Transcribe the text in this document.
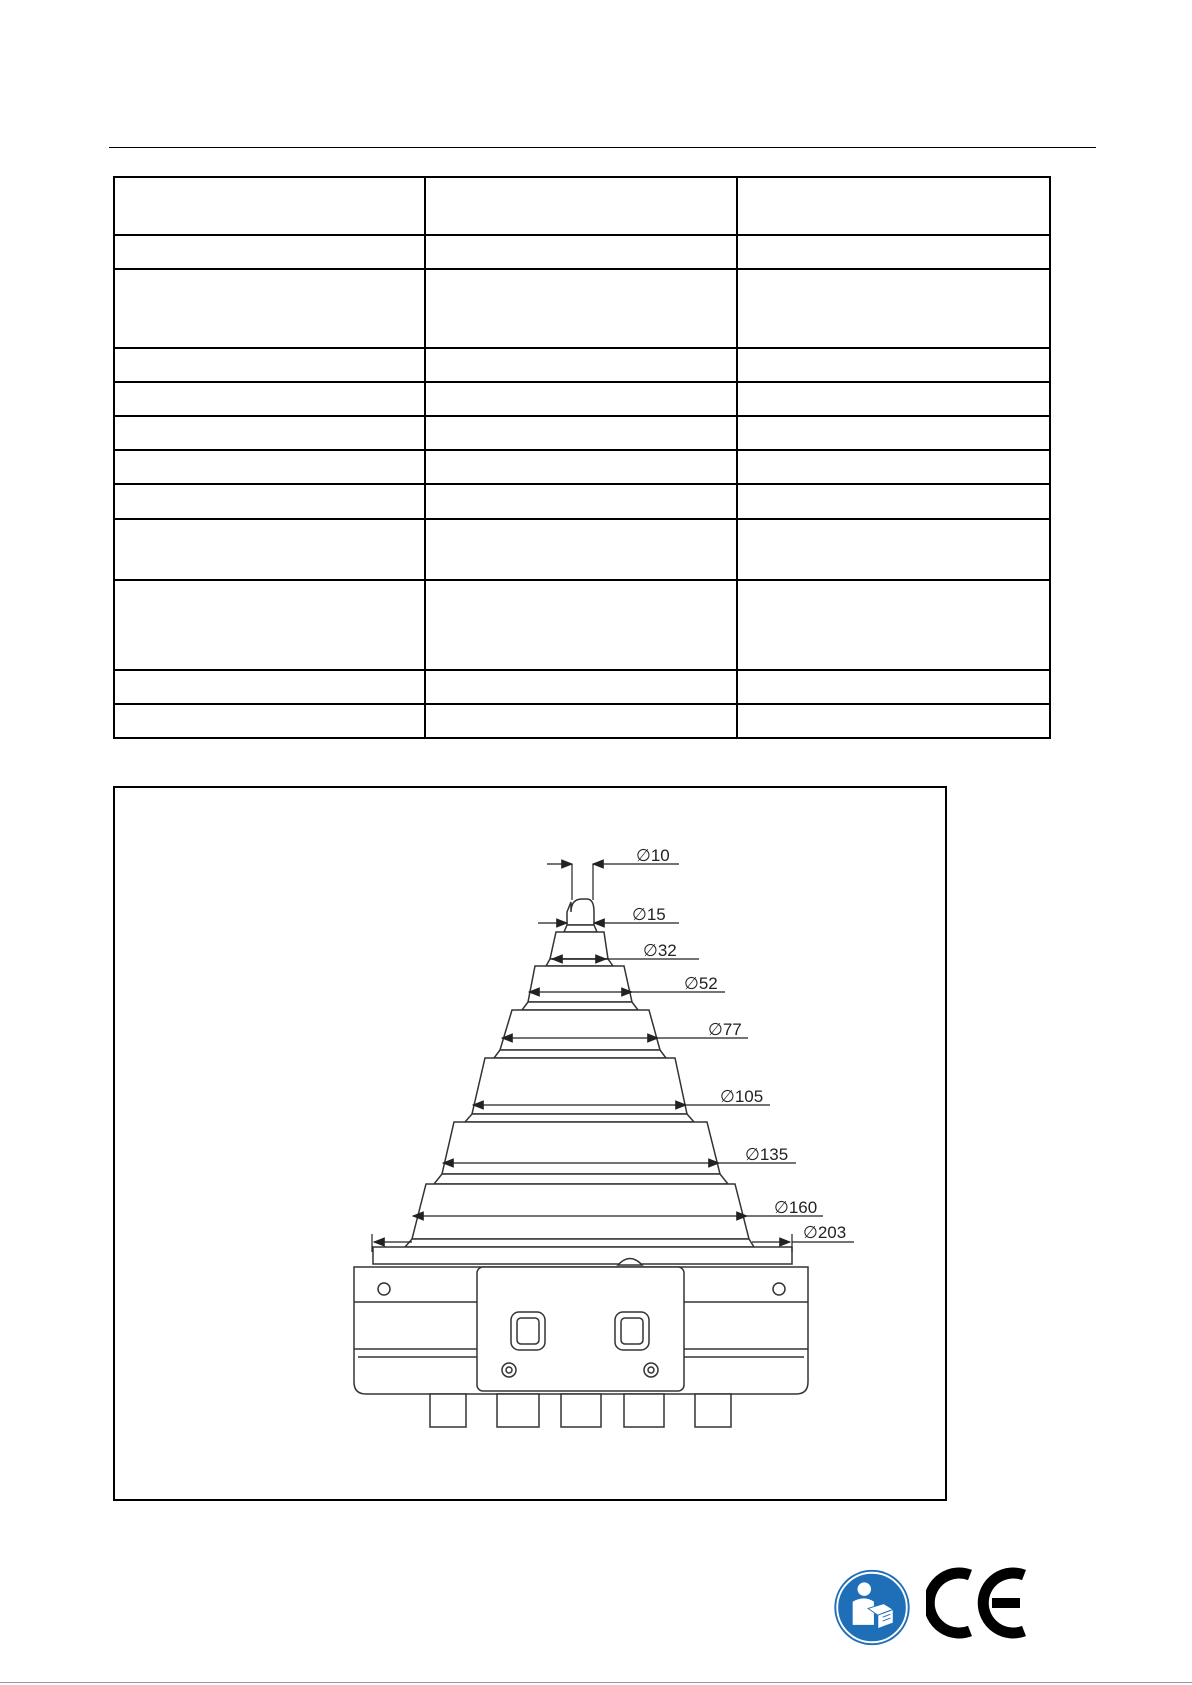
∅10
∅15
∅32
∅52
∅77
∅105
∅135
∅160
∅203
